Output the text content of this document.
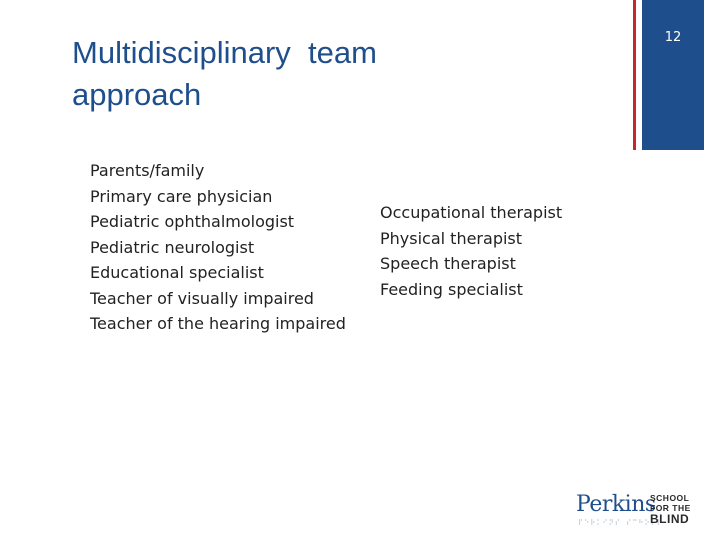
Multidisciplinary  team
approach
12
Parents/family
Primary care physician
Pediatric ophthalmologist
Pediatric neurologist
Educational specialist
Teacher of visually impaired
Teacher of the hearing impaired
Occupational therapist
Physical therapist
Speech therapist
Feeding specialist
Perkins
⠏⠑⠗⠅⠊⠝⠎ ⠎⠉⠓⠕⠕⠇
SCHOOL
FOR THE
BLIND
